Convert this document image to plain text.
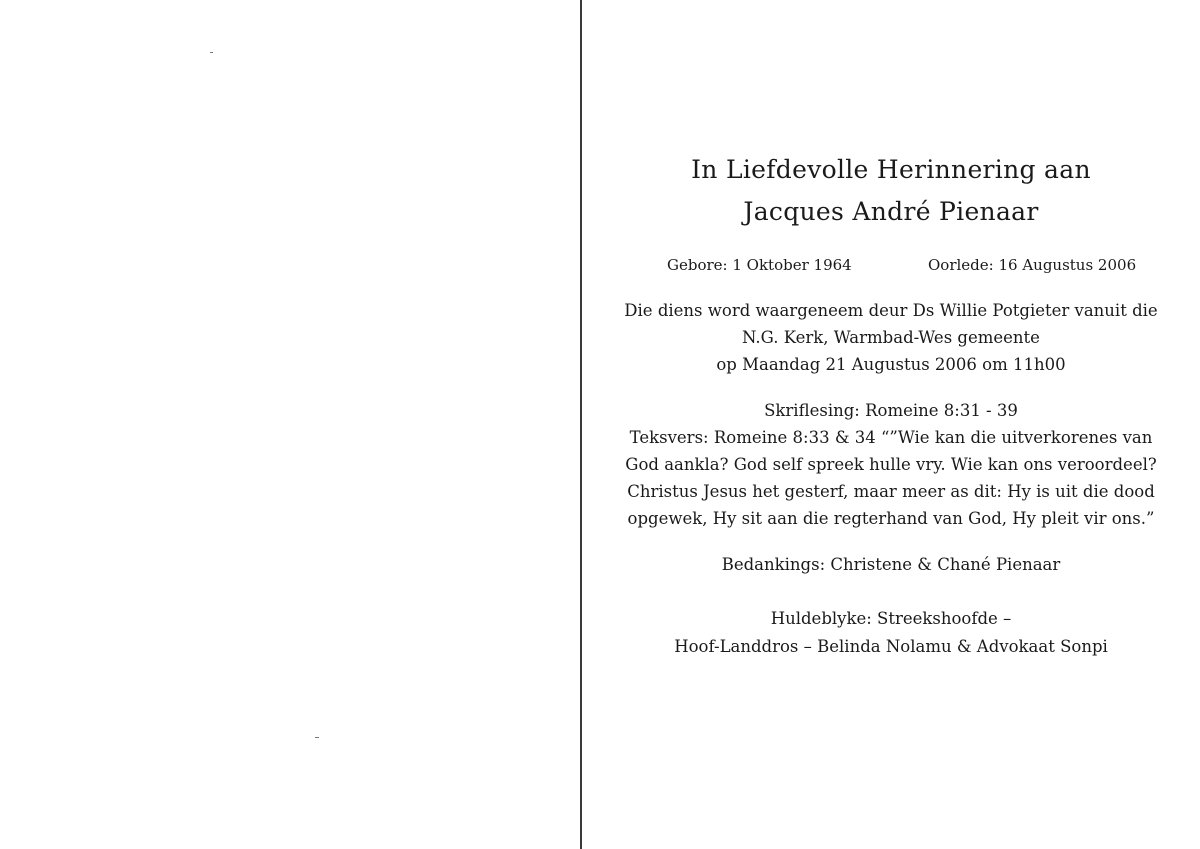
In Liefdevolle Herinnering aan
Jacques André Pienaar
Gebore: 1 Oktober 1964	Oorlede: 16 Augustus 2006
Die diens word waargeneem deur Ds Willie Potgieter vanuit die
N.G. Kerk, Warmbad-Wes gemeente
op Maandag 21 Augustus 2006 om 11h00
Skriflesing: Romeine 8:31 - 39
Teksvers: Romeine 8:33 & 34 “”Wie kan die uitverkorenes van
God aankla? God self spreek hulle vry. Wie kan ons veroordeel?
Christus Jesus het gesterf, maar meer as dit: Hy is uit die dood
opgewek, Hy sit aan die regterhand van God, Hy pleit vir ons.”
Bedankings: Christene & Chané Pienaar
Huldeblyke: Streekshoofde –
Hoof-Landdros – Belinda Nolamu & Advokaat Sonpi
